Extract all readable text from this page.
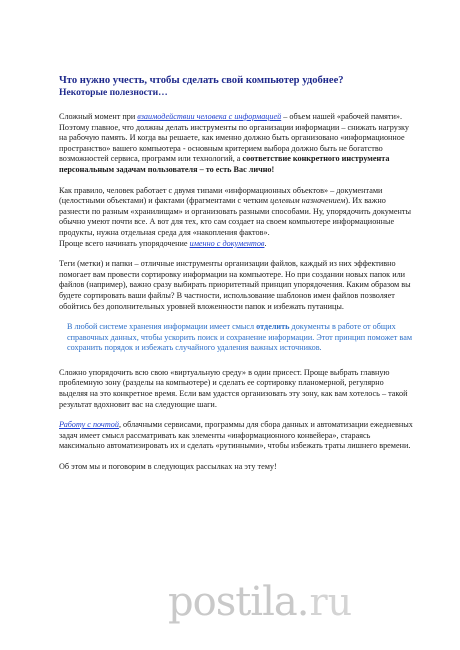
Что нужно учесть, чтобы сделать свой компьютер удобнее?
Некоторые полезности…

Сложный момент при взаимодействии человека с информацией – объем нашей «рабочей памяти». Поэтому главное, что должны делать инструменты по организации информации – снижать нагрузку на рабочую память. И когда вы решаете, как именно должно быть организовано «информационное пространство» вашего компьютера - основным критерием выбора должно быть не богатство возможностей сервиса, программ или технологий, а соответствие конкретного инструмента персональным задачам пользователя – то есть Вас лично!

Как правило, человек работает с двумя типами «информационных объектов» – документами (целостными объектами) и фактами (фрагментами с четким целевым назначением). Их важно разнести по разным «хранилищам» и организовать разными способами. Ну, упорядочить документы обычно умеют почти все. А вот для тех, кто сам создает на своем компьютере информационные продукты, нужна отдельная среда для «накопления фактов».
Проще всего начинать упорядочение именно с документов.

Теги (метки) и папки – отличные инструменты организации файлов, каждый из них эффективно помогает вам провести сортировку информации на компьютере. Но при создании новых папок или файлов (например), важно сразу выбирать приоритетный принцип упорядочения. Каким образом вы будете сортировать ваши файлы? В частности, использование шаблонов имен файлов позволяет обойтись без дополнительных уровней вложенности папок и избежать путаницы.

В любой системе хранения информации имеет смысл отделить документы в работе от общих справочных данных, чтобы ускорить поиск и сохранение информации. Этот принцип поможет вам сохранить порядок и избежать случайного удаления важных источников.

Сложно упорядочить всю свою «виртуальную среду» в один присест. Проще выбрать главную проблемную зону (разделы на компьютере) и сделать ее сортировку планомерной, регулярно выделяя на это конкретное время. Если вам удастся организовать эту зону, как вам хотелось – такой результат вдохновит вас на следующие шаги.

Работу с почтой, облачными сервисами, программы для сбора данных и автоматизации ежедневных задач имеет смысл рассматривать как элементы «информационного конвейера», стараясь максимально автоматизировать их и сделать «рутинными», чтобы избежать траты лишнего времени.

Об этом мы и поговорим в следующих рассылках на эту тему!

postila . ru
